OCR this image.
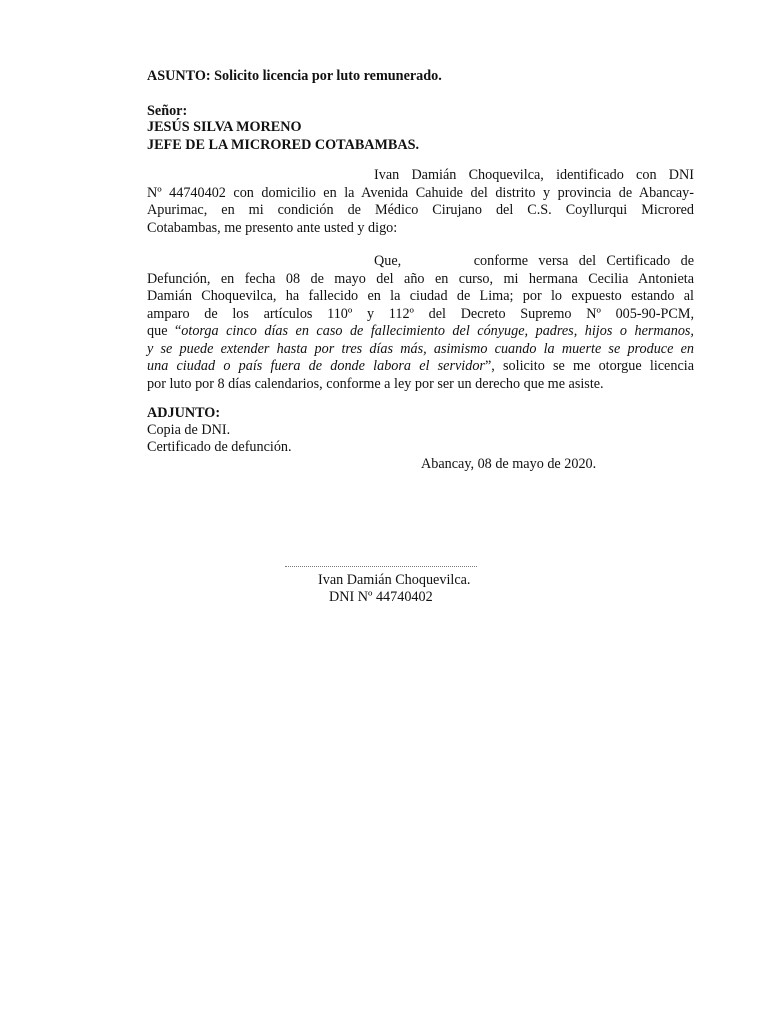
ASUNTO: Solicito licencia por luto remunerado.
Señor:
JESÚS SILVA MORENO
JEFE DE LA MICRORED COTABAMBAS.
Ivan Damián Choquevilca, identificado con DNI
Nº 44740402 con domicilio en la Avenida Cahuide del distrito y provincia de Abancay-
Apurimac, en mi condición de Médico Cirujano del C.S. Coyllurqui Microred
Cotabambas, me presento ante usted y digo:
Que,       conforme versa del Certificado de
Defunción, en fecha 08 de mayo del año en curso, mi hermana Cecilia Antonieta
Damián Choquevilca, ha fallecido en la ciudad de Lima; por lo expuesto estando al
amparo de los artículos 110º y 112º del Decreto Supremo Nº 005-90-PCM,
que “otorga cinco días en caso de fallecimiento del cónyuge, padres, hijos o hermanos,
y se puede extender hasta por tres días más, asimismo cuando la muerte se produce en
una ciudad o país fuera de donde labora el servidor”, solicito se me otorgue licencia
por luto por 8 días calendarios, conforme a ley por ser un derecho que me asiste.
ADJUNTO:
Copia de DNI.
Certificado de defunción.
Abancay, 08 de mayo de 2020.
Ivan Damián Choquevilca.
DNI Nº 44740402
